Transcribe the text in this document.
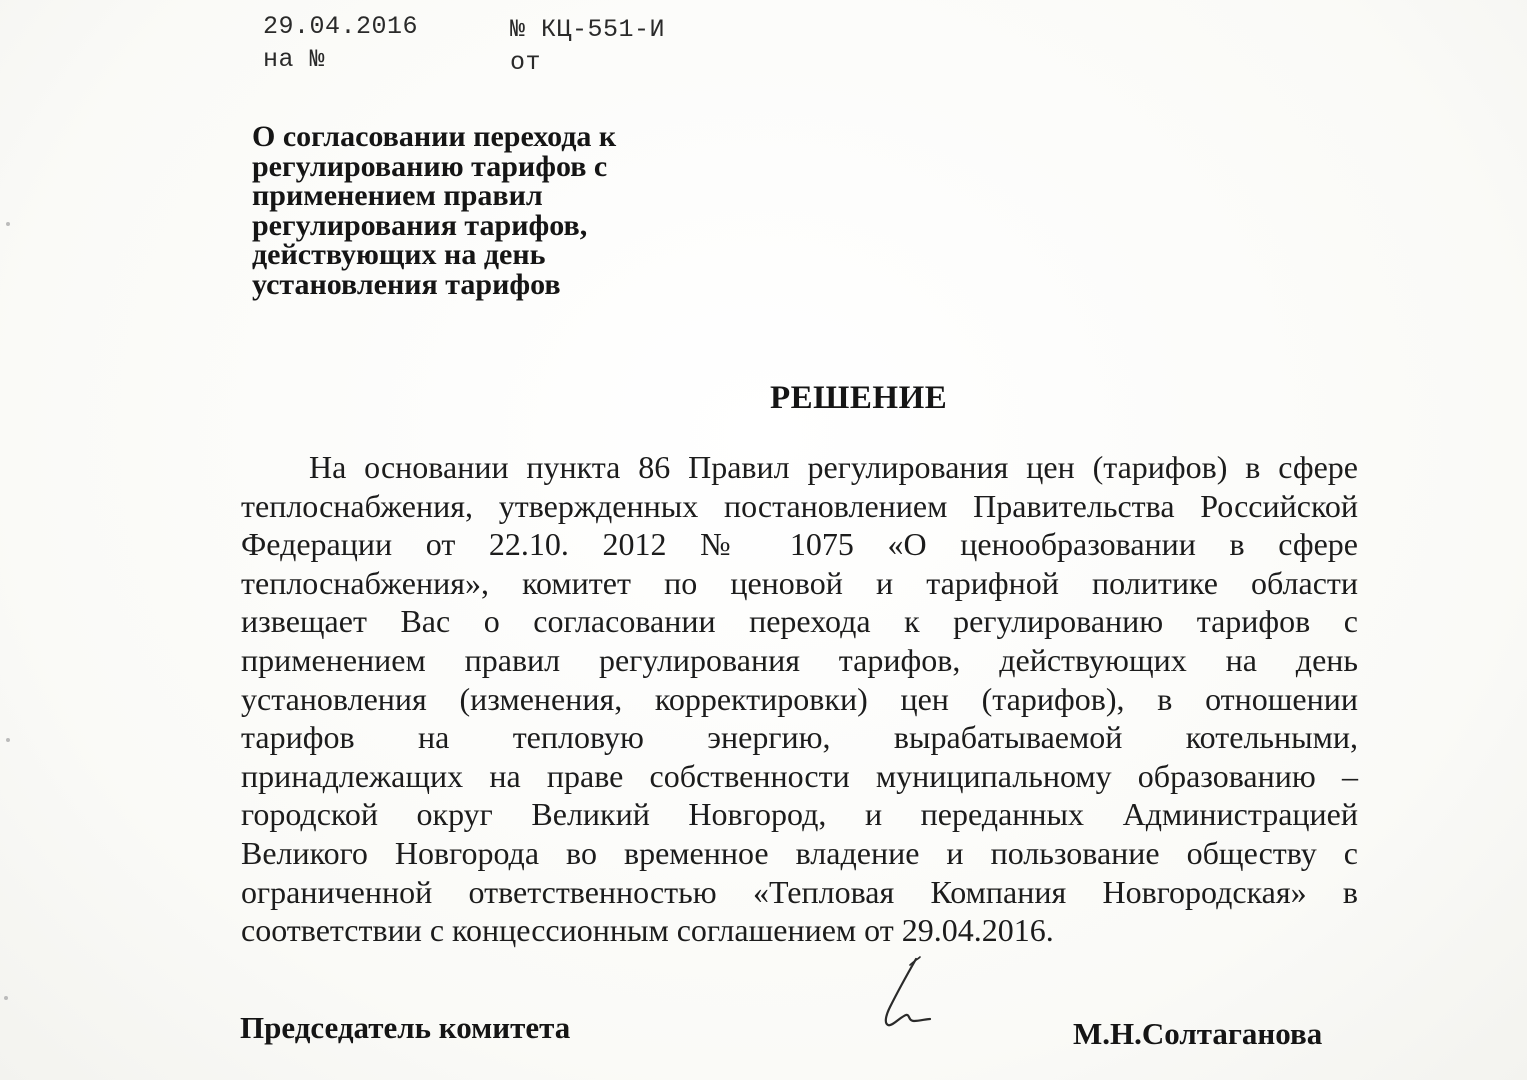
29.04.2016
на №
№ КЦ-551-И
от
О согласовании перехода к
регулированию тарифов с
применением правил
регулирования тарифов,
действующих на день
установления тарифов
РЕШЕНИЕ
На основании пункта 86 Правил регулирования цен (тарифов) в сфере
теплоснабжения, утвержденных постановлением Правительства Российской
Федерации от 22.10. 2012 № 1075 «О ценообразовании в сфере
теплоснабжения», комитет по ценовой и тарифной политике области
извещает Вас о согласовании перехода к регулированию тарифов с
применением правил регулирования тарифов, действующих на день
установления (изменения, корректировки) цен (тарифов), в отношении
тарифов на тепловую энергию, вырабатываемой котельными,
принадлежащих на праве собственности муниципальному образованию –
городской округ Великий Новгород, и переданных Администрацией
Великого Новгорода во временное владение и пользование обществу с
ограниченной ответственностью «Тепловая Компания Новгородская» в
соответствии с концессионным соглашением от 29.04.2016.
Председатель комитета	М.Н.Солтаганова
